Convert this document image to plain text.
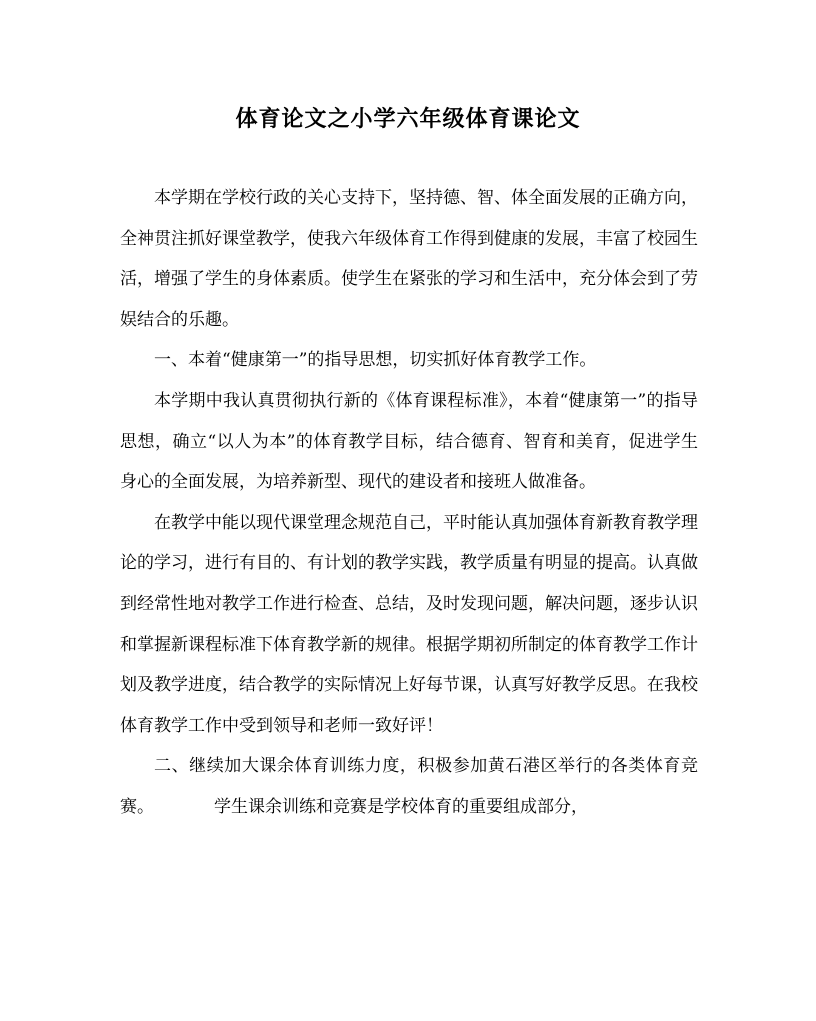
体育论文之小学六年级体育课论文

本学期在学校行政的关心支持下，坚持德、智、体全面发展的正确方向，全神贯注抓好课堂教学，使我六年级体育工作得到健康的发展，丰富了校园生活，增强了学生的身体素质。使学生在紧张的学习和生活中，充分体会到了劳娱结合的乐趣。

一、本着“健康第一”的指导思想，切实抓好体育教学工作。

本学期中我认真贯彻执行新的《体育课程标准》，本着“健康第一”的指导思想，确立“以人为本”的体育教学目标，结合德育、智育和美育，促进学生身心的全面发展，为培养新型、现代的建设者和接班人做准备。

在教学中能以现代课堂理念规范自己，平时能认真加强体育新教育教学理论的学习，进行有目的、有计划的教学实践，教学质量有明显的提高。认真做到经常性地对教学工作进行检查、总结，及时发现问题，解决问题，逐步认识和掌握新课程标准下体育教学新的规律。根据学期初所制定的体育教学工作计划及教学进度，结合教学的实际情况上好每节课，认真写好教学反思。在我校体育教学工作中受到领导和老师一致好评！

二、继续加大课余体育训练力度，积极参加黄石港区举行的各类体育竞赛。	学生课余训练和竞赛是学校体育的重要组成部分，
